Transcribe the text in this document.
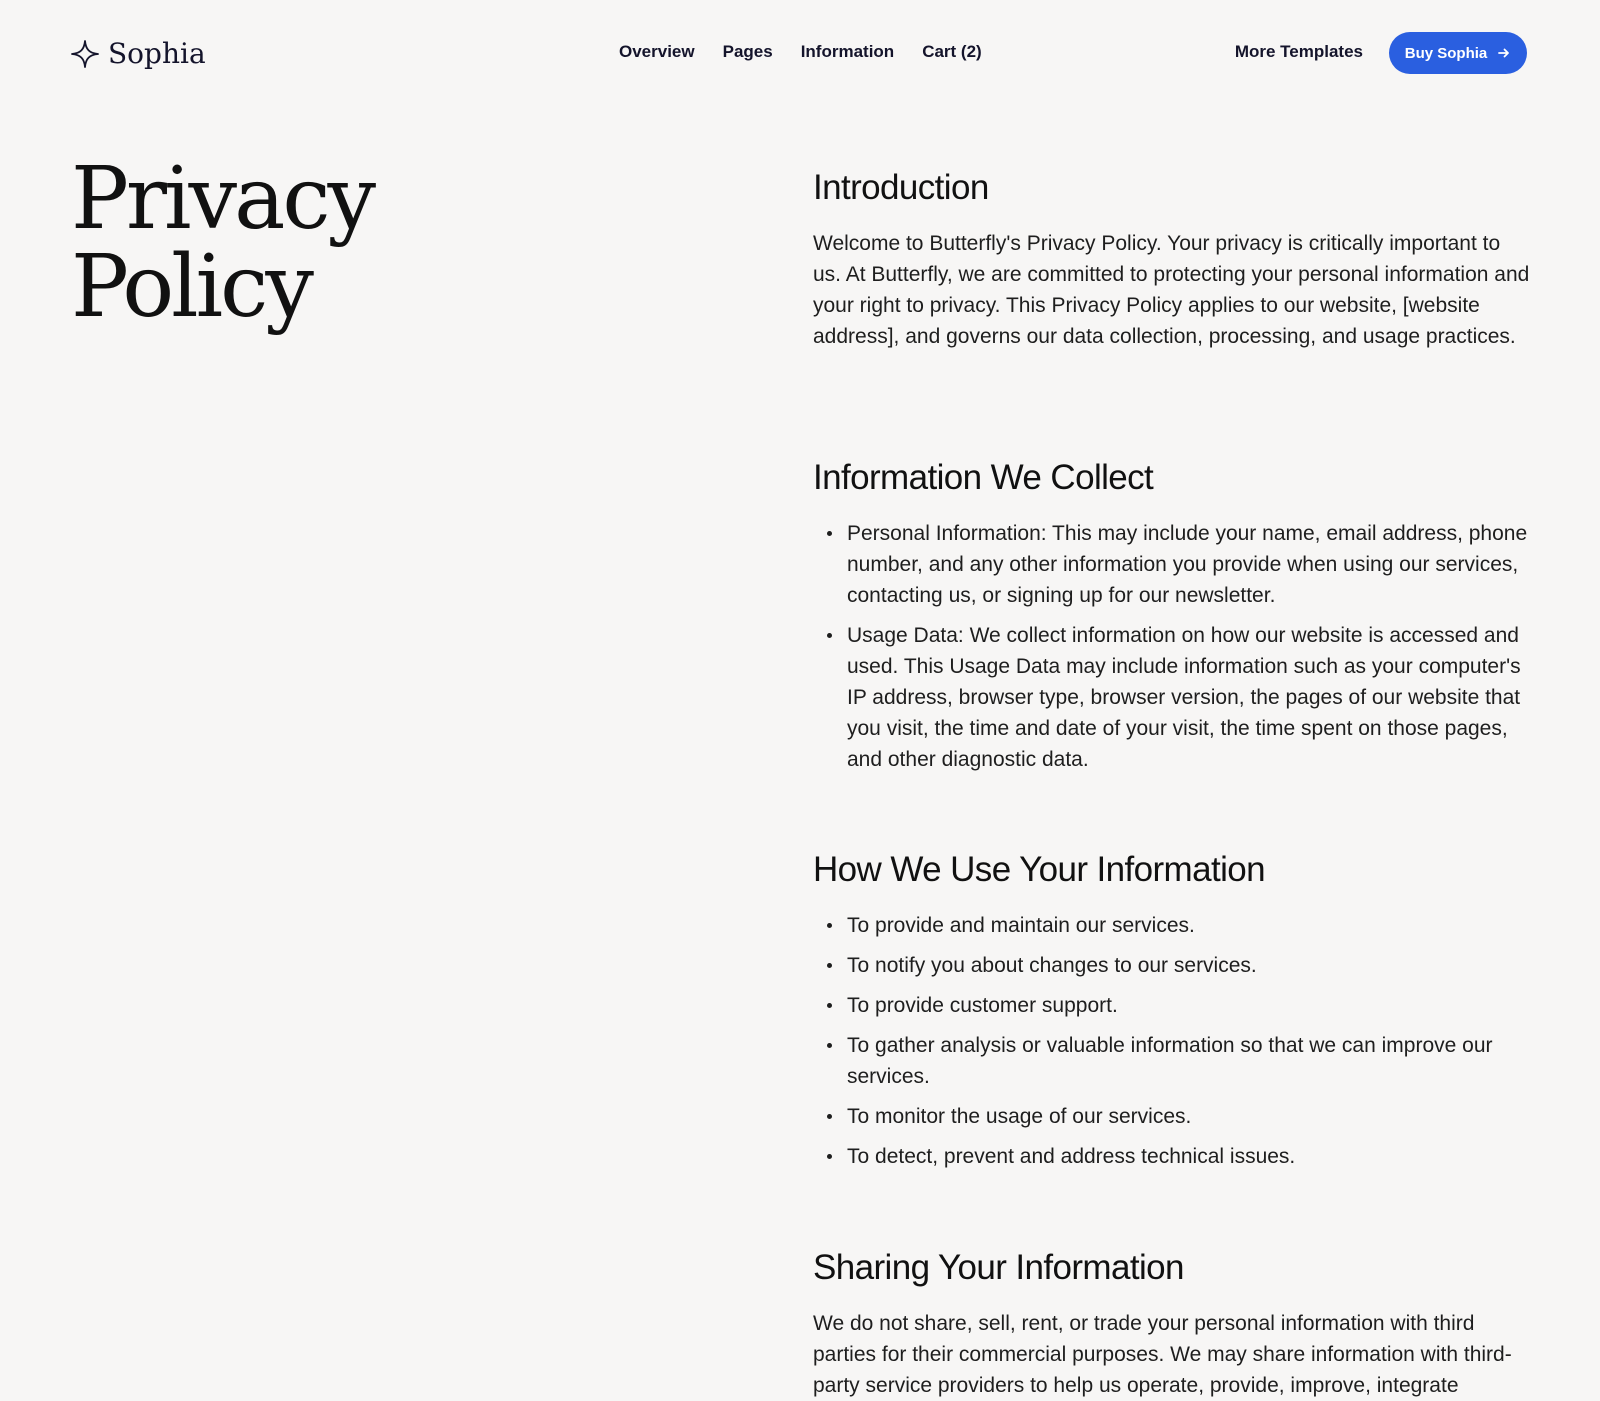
Sophia	Overview Pages Information Cart (2)	More Templates	Buy Sophia
Privacy
Policy
Introduction

Welcome to Butterfly's Privacy Policy. Your privacy is critically important to us. At Butterfly, we are committed to protecting your personal information and your right to privacy. This Privacy Policy applies to our website, [website address], and governs our data collection, processing, and usage practices.

Information We Collect
Personal Information: This may include your name, email address, phone number, and any other information you provide when using our services, contacting us, or signing up for our newsletter.
Usage Data: We collect information on how our website is accessed and used. This Usage Data may include information such as your computer's IP address, browser type, browser version, the pages of our website that you visit, the time and date of your visit, the time spent on those pages, and other diagnostic data.
How We Use Your Information
To provide and maintain our services.
To notify you about changes to our services.
To provide customer support.
To gather analysis or valuable information so that we can improve our services.
To monitor the usage of our services.
To detect, prevent and address technical issues.
Sharing Your Information

We do not share, sell, rent, or trade your personal information with third parties for their commercial purposes. We may share information with third-party service providers to help us operate, provide, improve, integrate
